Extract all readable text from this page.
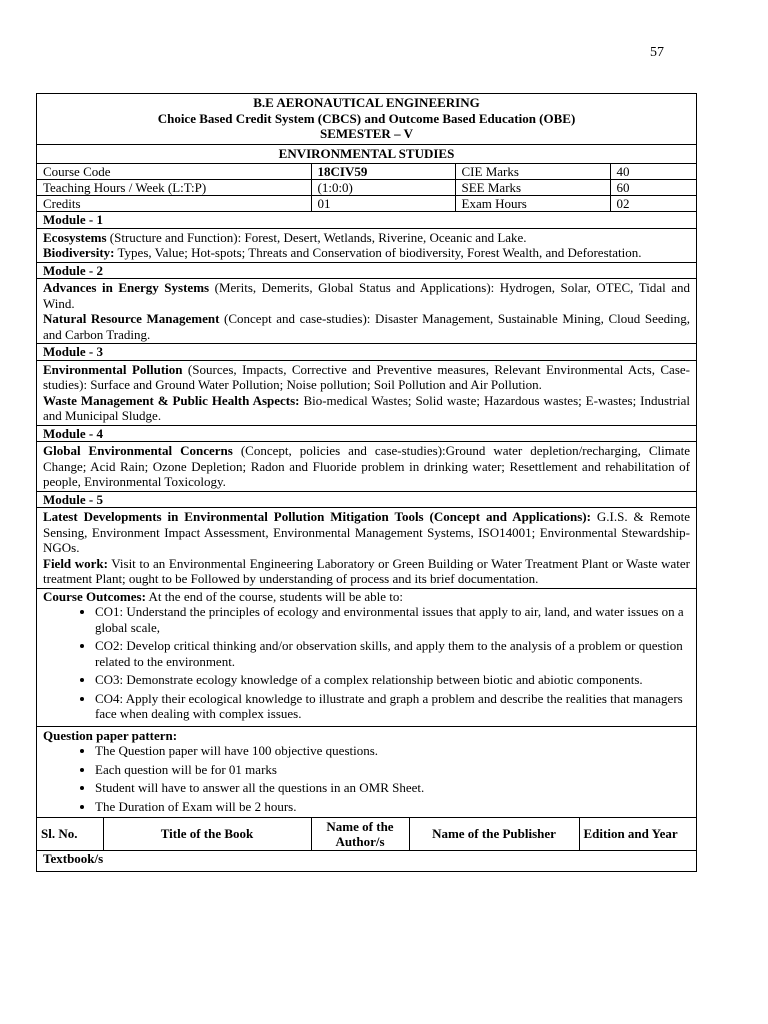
57
B.E AERONAUTICAL ENGINEERING
Choice Based Credit System (CBCS) and Outcome Based Education (OBE)
SEMESTER – V
ENVIRONMENTAL STUDIES
Course Code	18CIV59	CIE Marks	40
Teaching Hours / Week (L:T:P)	(1:0:0)	SEE Marks	60
Credits	01	Exam Hours	02
Module - 1
Ecosystems (Structure and Function): Forest, Desert, Wetlands, Riverine, Oceanic and Lake.
Biodiversity: Types, Value; Hot-spots; Threats and Conservation of biodiversity, Forest Wealth, and Deforestation.
Module - 2
Advances in Energy Systems (Merits, Demerits, Global Status and Applications): Hydrogen, Solar, OTEC, Tidal and Wind.
Natural Resource Management (Concept and case-studies): Disaster Management, Sustainable Mining, Cloud Seeding, and Carbon Trading.
Module - 3
Environmental Pollution (Sources, Impacts, Corrective and Preventive measures, Relevant Environmental Acts, Case-studies): Surface and Ground Water Pollution; Noise pollution; Soil Pollution and Air Pollution.
Waste Management & Public Health Aspects: Bio-medical Wastes; Solid waste; Hazardous wastes; E-wastes; Industrial and Municipal Sludge.
Module - 4
Global Environmental Concerns (Concept, policies and case-studies):Ground water depletion/recharging, Climate Change; Acid Rain; Ozone Depletion; Radon and Fluoride problem in drinking water; Resettlement and rehabilitation of people, Environmental Toxicology.
Module - 5
Latest Developments in Environmental Pollution Mitigation Tools (Concept and Applications): G.I.S. & Remote Sensing, Environment Impact Assessment, Environmental Management Systems, ISO14001; Environmental Stewardship- NGOs.
Field work: Visit to an Environmental Engineering Laboratory or Green Building or Water Treatment Plant or Waste water treatment Plant; ought to be Followed by understanding of process and its brief documentation.
Course Outcomes: At the end of the course, students will be able to:
• CO1: Understand the principles of ecology and environmental issues that apply to air, land, and water issues on a global scale,
• CO2: Develop critical thinking and/or observation skills, and apply them to the analysis of a problem or question related to the environment.
• CO3: Demonstrate ecology knowledge of a complex relationship between biotic and abiotic components.
• CO4: Apply their ecological knowledge to illustrate and graph a problem and describe the realities that managers face when dealing with complex issues.
Question paper pattern:
• The Question paper will have 100 objective questions.
• Each question will be for 01 marks
• Student will have to answer all the questions in an OMR Sheet.
• The Duration of Exam will be 2 hours.
Sl. No.	Title of the Book	Name of the Author/s	Name of the Publisher	Edition and Year
Textbook/s
